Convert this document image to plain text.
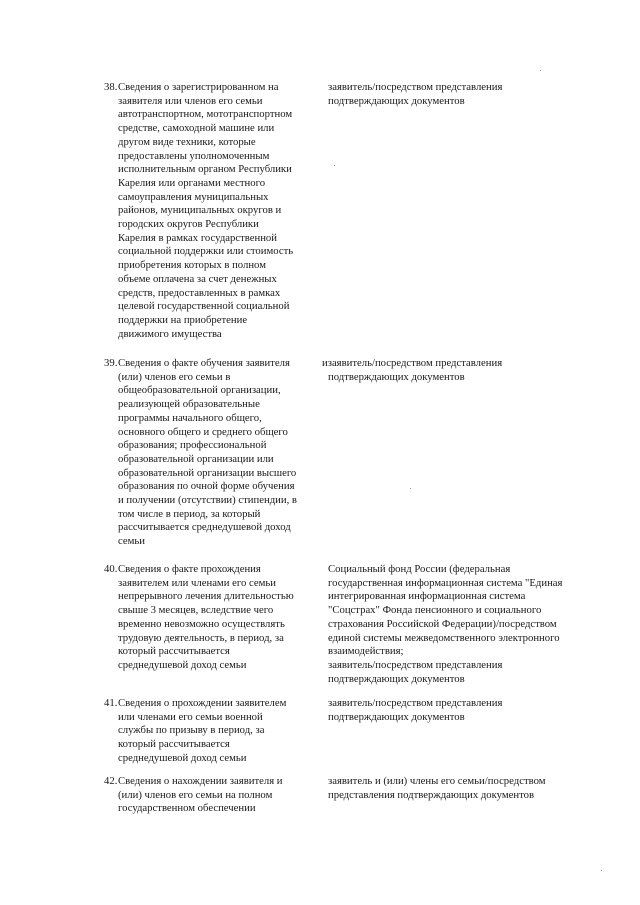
38. Сведения о зарегистрированном на
заявителя или членов его семьи
автотранспортном, мототранспортном
средстве, самоходной машине или
другом виде техники, которые
предоставлены уполномоченным
исполнительным органом Республики
Карелия или органами местного
самоуправления муниципальных
районов, муниципальных округов и
городских округов Республики
Карелия в рамках государственной
социальной поддержки или стоимость
приобретения которых в полном
объеме оплачена за счет денежных
средств, предоставленных в рамках
целевой государственной социальной
поддержки на приобретение
движимого имущества
заявитель/посредством представления
подтверждающих документов
39. Сведения о факте обучения заявителя
(или) членов его семьи в
общеобразовательной организации,
реализующей образовательные
программы начального общего,
основного общего и среднего общего
образования; профессиональной
образовательной организации или
образовательной организации высшего
образования по очной форме обучения
и получении (отсутствии) стипендии, в
том числе в период, за который
рассчитывается среднедушевой доход
семьи
изаявитель/посредством представления
подтверждающих документов
40. Сведения о факте прохождения
заявителем или членами его семьи
непрерывного лечения длительностью
свыше 3 месяцев, вследствие чего
временно невозможно осуществлять
трудовую деятельность, в период, за
который рассчитывается
среднедушевой доход семьи
Социальный фонд России (федеральная
государственная информационная система "Единая
интегрированная информационная система
"Соцстрах" Фонда пенсионного и социального
страхования Российской Федерации)/посредством
единой системы межведомственного электронного
взаимодействия;
заявитель/посредством представления
подтверждающих документов
41. Сведения о прохождении заявителем
или членами его семьи военной
службы по призыву в период, за
который рассчитывается
среднедушевой доход семьи
заявитель/посредством представления
подтверждающих документов
42. Сведения о нахождении заявителя и
(или) членов его семьи на полном
государственном обеспечении
заявитель и (или) члены его семьи/посредством
представления подтверждающих документов
